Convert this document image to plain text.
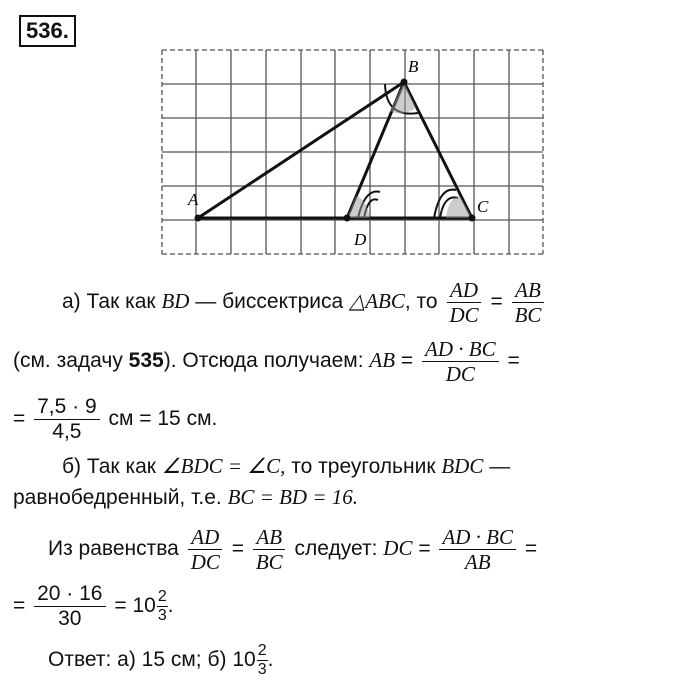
536.
A
B
C
D
а) Так как BD — биссектриса △ABC, то $\frac{AD}{DC} = \frac{AB}{BC}$
(см. задачу 535). Отсюда получаем: AB = $\frac{AD \cdot BC}{DC}$ =
= $\frac{7,5 \cdot 9}{4,5}$ см = 15 см.
б) Так как ∠BDC = ∠C, то треугольник BDC —
равнобедренный, т.е. BC = BD = 16.
Из равенства $\frac{AD}{DC} = \frac{AB}{BC}$ следует: DC = $\frac{AD \cdot BC}{AB}$ =
= $\frac{20 \cdot 16}{30} = 10 \frac{2}{3}$ .
Ответ: а) 15 см; б) $10 \frac{2}{3}$ .
